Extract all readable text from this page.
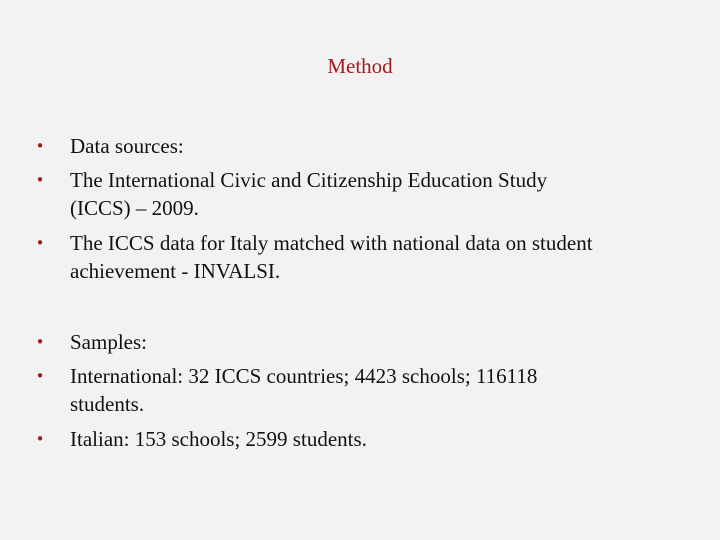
Method
• Data sources:
• The International Civic and Citizenship Education Study
(ICCS) – 2009.
• The ICCS data for Italy matched with national data on student
achievement - INVALSI.
• Samples:
• International: 32 ICCS countries; 4423 schools; 116118
students.
• Italian: 153 schools; 2599 students.
